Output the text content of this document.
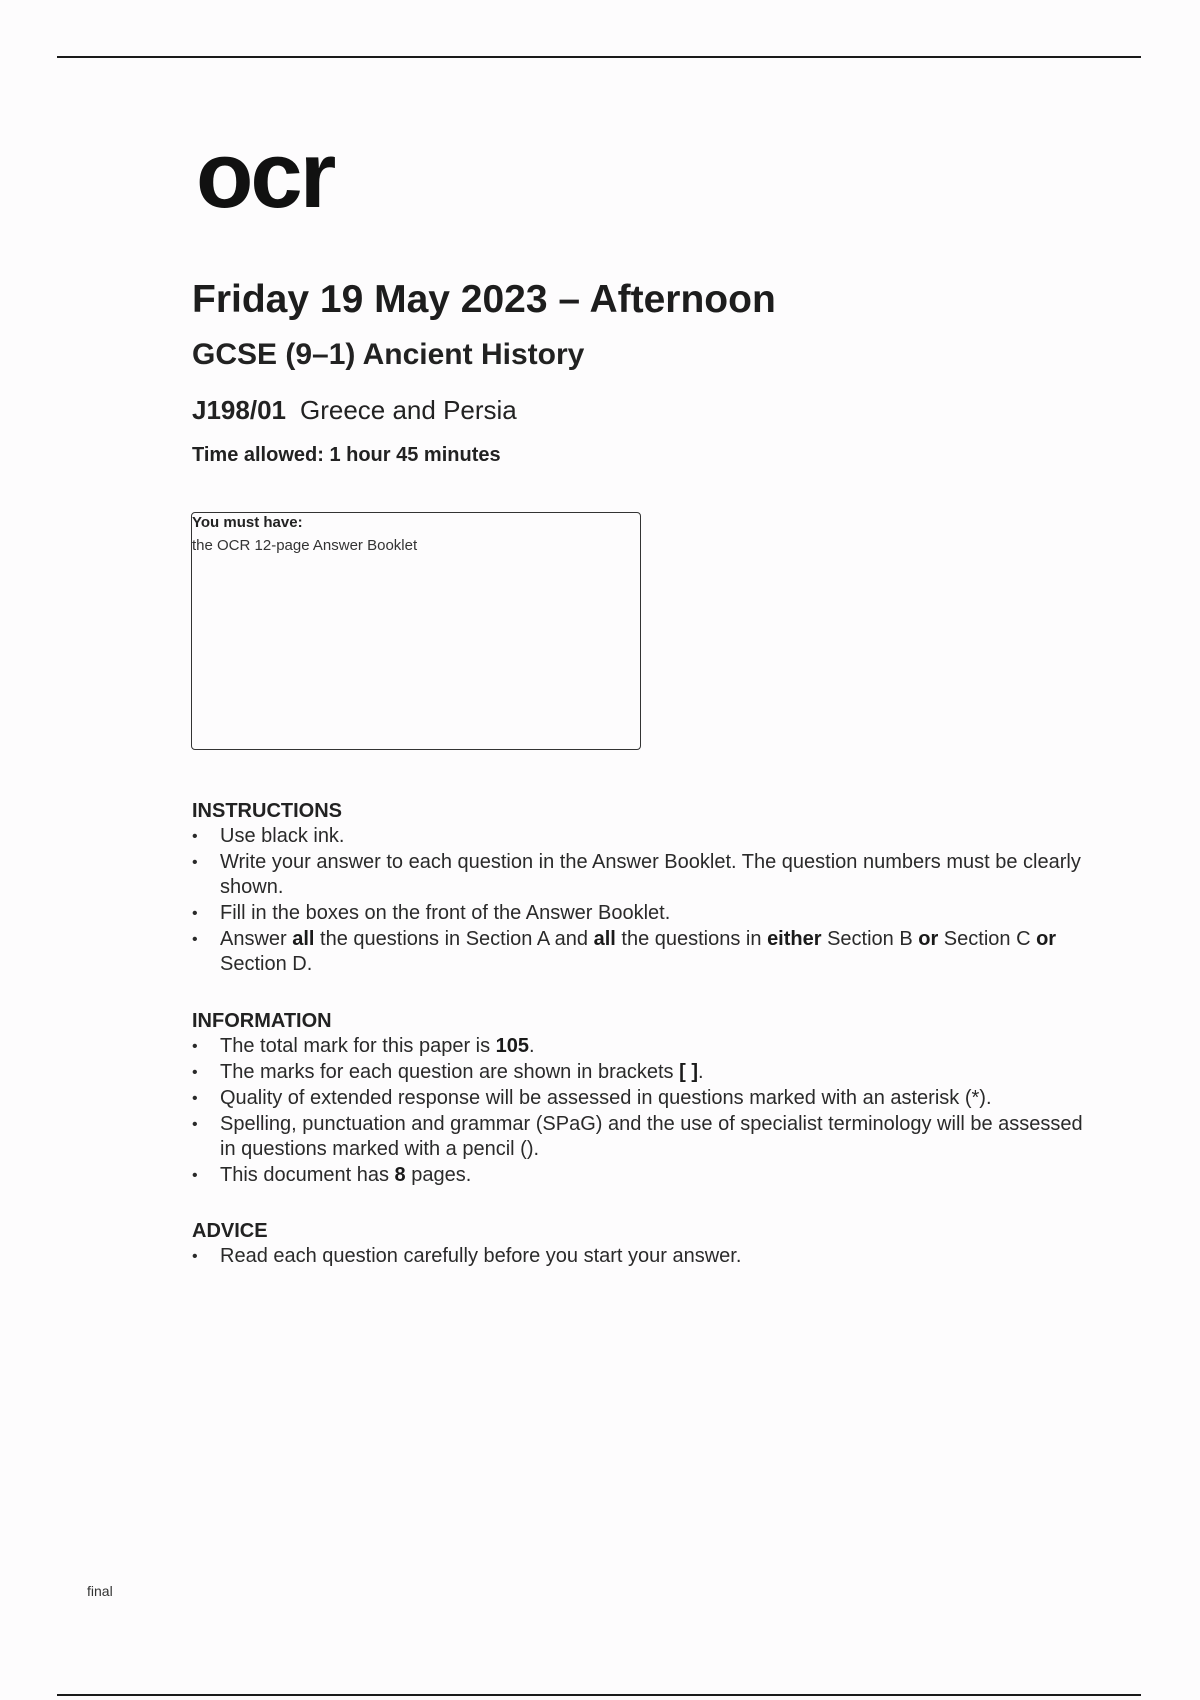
ocr
Friday 19 May 2023 – Afternoon
GCSE (9–1) Ancient History
J198/01 Greece and Persia
Time allowed: 1 hour 45 minutes
You must have:
the OCR 12-page Answer Booklet
INSTRUCTIONS
• Use black ink.
• Write your answer to each question in the Answer Booklet. The question numbers must be clearly shown.
• Fill in the boxes on the front of the Answer Booklet.
• Answer all the questions in Section A and all the questions in either Section B or Section C or Section D.
INFORMATION
• The total mark for this paper is 105.
• The marks for each question are shown in brackets [ ].
• Quality of extended response will be assessed in questions marked with an asterisk (*).
• Spelling, punctuation and grammar (SPaG) and the use of specialist terminology will be assessed in questions marked with a pencil ().
• This document has 8 pages.
ADVICE
• Read each question carefully before you start your answer.
final
